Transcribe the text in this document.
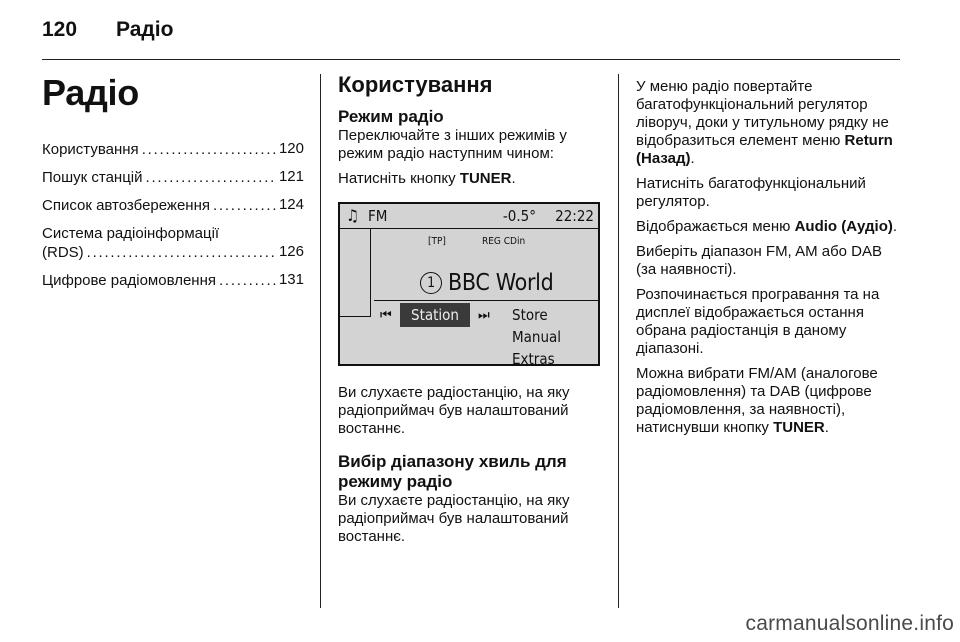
120	Радіо
Радіо
Користування . . .	120
Пошук станцій . . .	121
Список автозбереження . . .	124
Система радіоінформації
(RDS) . . .	126
Цифрове радіомовлення . . .	131
Користування
Режим радіо

Переключайте з інших режимів у режим радіо наступним чином:

Натисніть кнопку TUNER.

♫ FM	-0.5° 22:22
[TP]	REG CDin
1 BBC World
⏮	Station	⏭ Store
Manual
Extras

Ви слухаєте радіостанцію, на яку радіоприймач був налаштований востаннє.

Вибір діапазону хвиль для режиму радіо

Ви слухаєте радіостанцію, на яку радіоприймач був налаштований востаннє.

У меню радіо повертайте багатофункціональний регулятор ліворуч, доки у титульному рядку не відобразиться елемент меню Return (Назад).

Натисніть багатофункціональний регулятор.

Відображається меню Audio (Аудіо).

Виберіть діапазон FM, AM або DAB (за наявності).

Розпочинається програвання та на дисплеї відображається остання обрана радіостанція в даному діапазоні.

Можна вибрати FM/AM (аналогове радіомовлення) та DAB (цифрове радіомовлення, за наявності), натиснувши кнопку TUNER.

carmanualsonline.info
